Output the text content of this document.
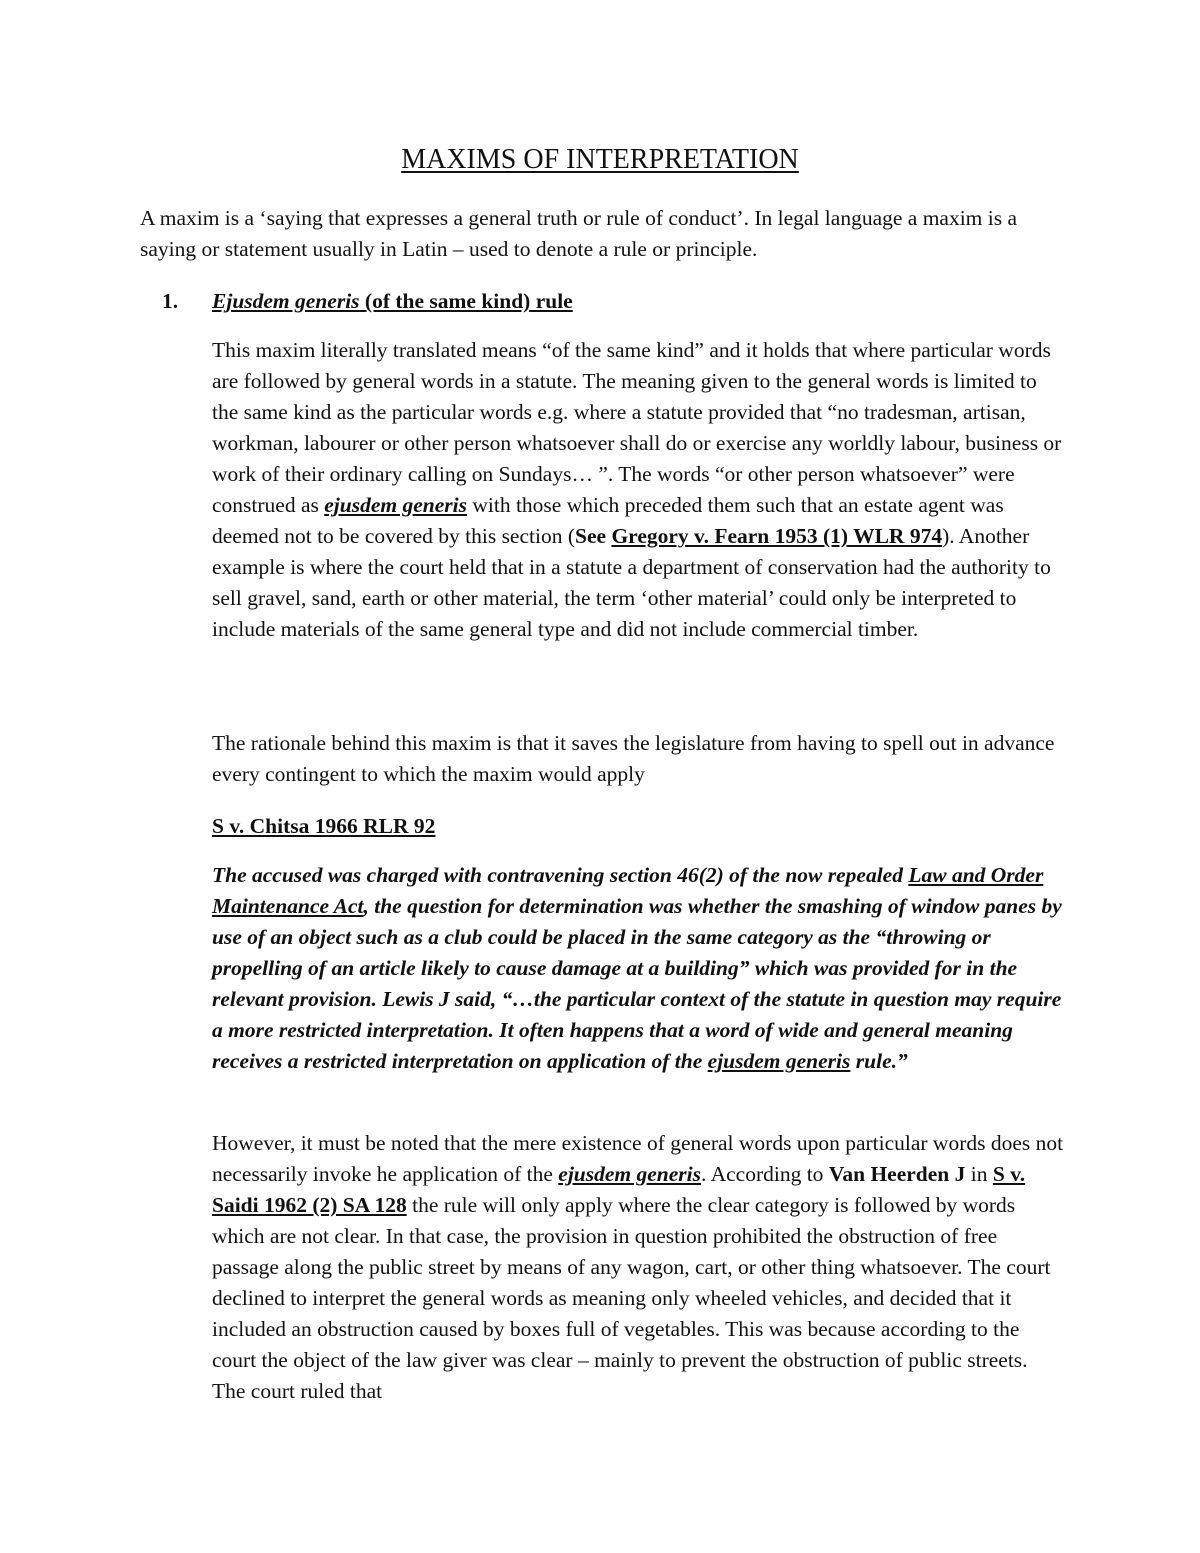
MAXIMS OF INTERPRETATION

A maxim is a ‘saying that expresses a general truth or rule of conduct’. In legal language a maxim is a saying or statement usually in Latin – used to denote a rule or principle.

1. Ejusdem generis (of the same kind) rule

This maxim literally translated means “of the same kind” and it holds that where particular words are followed by general words in a statute. The meaning given to the general words is limited to the same kind as the particular words e.g. where a statute provided that “no tradesman, artisan, workman, labourer or other person whatsoever shall do or exercise any worldly labour, business or work of their ordinary calling on Sundays… ”. The words “or other person whatsoever” were construed as ejusdem generis with those which preceded them such that an estate agent was deemed not to be covered by this section (See Gregory v. Fearn 1953 (1) WLR 974). Another example is where the court held that in a statute a department of conservation had the authority to sell gravel, sand, earth or other material, the term ‘other material’ could only be interpreted to include materials of the same general type and did not include commercial timber.

The rationale behind this maxim is that it saves the legislature from having to spell out in advance every contingent to which the maxim would apply

S v. Chitsa 1966 RLR 92

The accused was charged with contravening section 46(2) of the now repealed Law and Order Maintenance Act, the question for determination was whether the smashing of window panes by use of an object such as a club could be placed in the same category as the “throwing or propelling of an article likely to cause damage at a building” which was provided for in the relevant provision. Lewis J said, “…the particular context of the statute in question may require a more restricted interpretation. It often happens that a word of wide and general meaning receives a restricted interpretation on application of the ejusdem generis rule.”

However, it must be noted that the mere existence of general words upon particular words does not necessarily invoke he application of the ejusdem generis. According to Van Heerden J in S v. Saidi 1962 (2) SA 128 the rule will only apply where the clear category is followed by words which are not clear. In that case, the provision in question prohibited the obstruction of free passage along the public street by means of any wagon, cart, or other thing whatsoever. The court declined to interpret the general words as meaning only wheeled vehicles, and decided that it included an obstruction caused by boxes full of vegetables. This was because according to the court the object of the law giver was clear – mainly to prevent the obstruction of public streets. The court ruled that
